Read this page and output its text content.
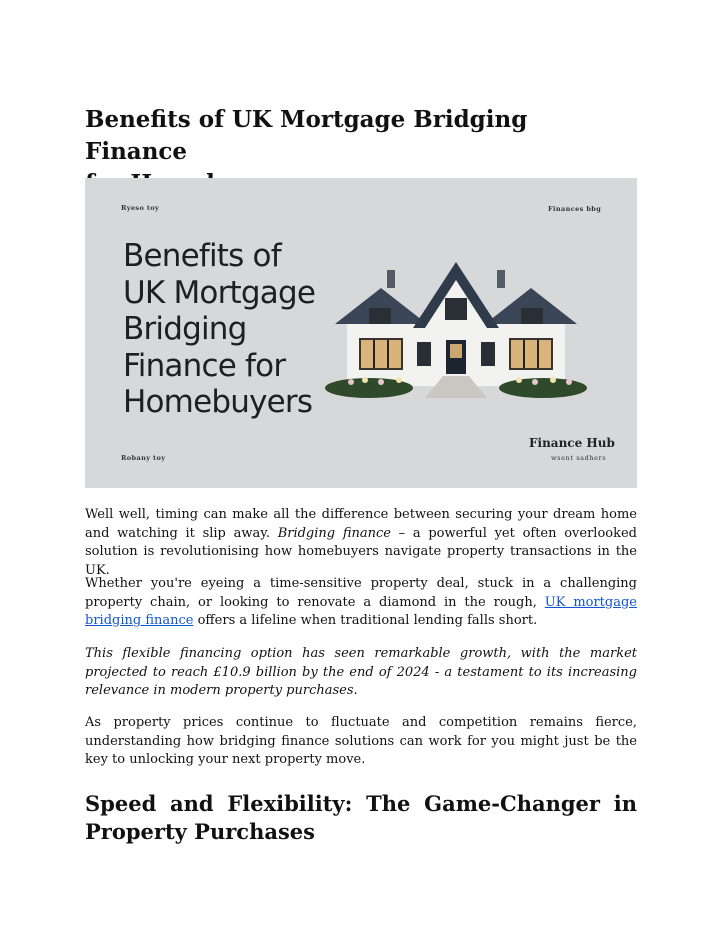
Benefits of UK Mortgage Bridging Finance

Ryeso toy	Finances bbg
Benefits of
UK Mortgage
Bridging
Finance for
Homebuyers
Robany toy
Finance Hub
wsent sadhers

Well well, timing can make all the difference between securing your dream home and watching it slip away. Bridging finance – a powerful yet often overlooked solution is revolutionising how homebuyers navigate property transactions in the UK.

Whether you're eyeing a time-sensitive property deal, stuck in a challenging property chain, or looking to renovate a diamond in the rough, UK mortgage bridging finance offers a lifeline when traditional lending falls short.

This flexible financing option has seen remarkable growth, with the market projected to reach £10.9 billion by the end of 2024 - a testament to its increasing relevance in modern property purchases.

As property prices continue to fluctuate and competition remains fierce, understanding how bridging finance solutions can work for you might just be the key to unlocking your next property move.

Speed and Flexibility: The Game-Changer in Property Purchases
